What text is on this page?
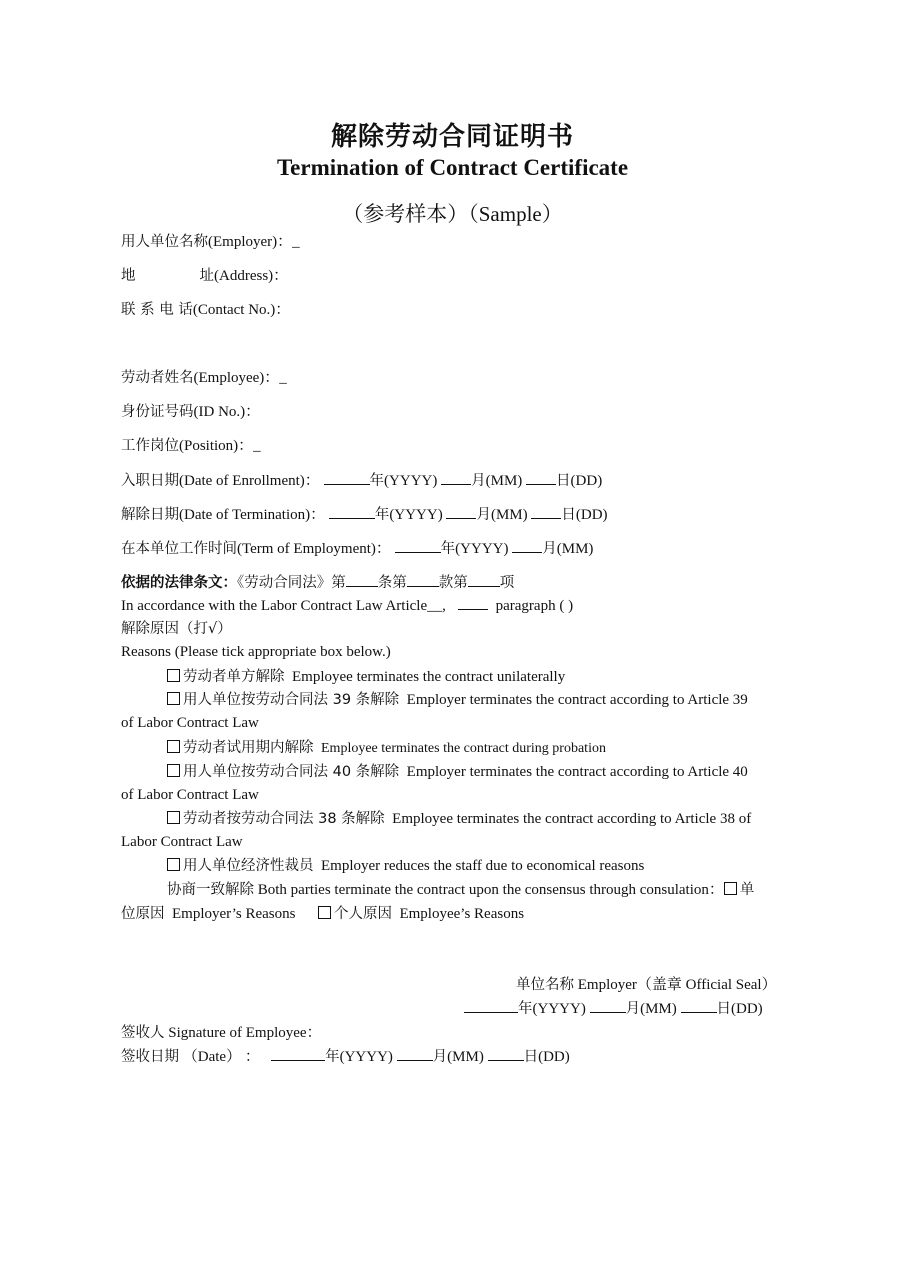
解除劳动合同证明书
Termination of Contract Certificate
（参考样本）（Sample）
用人单位名称(Employer)：_
地	址(Address)：
联 系 电 话(Contact No.)：
劳动者姓名(Employee)：_
身份证号码(ID No.)：
工作岗位(Position)：_
入职日期(Date of Enrollment)：	年(YYYY) 月(MM) 日(DD)
解除日期(Date of Termination)：	年(YYYY) 月(MM) 日(DD)
在本单位工作时间(Term of Employment)：	年(YYYY) 月(MM)
依据的法律条文：《劳动合同法》第 条第 款第 项
In accordance with the Labor Contract Law Article__,	paragraph ( )
解除原因（打√）
Reasons (Please tick appropriate box below.)
劳动者单方解除 Employee terminates the contract unilaterally
用人单位按劳动合同法 39 条解除 Employer terminates the contract according to Article 39
of Labor Contract Law
劳动者试用期内解除 Employee terminates the contract during probation
用人单位按劳动合同法 40 条解除 Employer terminates the contract according to Article 40
of Labor Contract Law
劳动者按劳动合同法 38 条解除 Employee terminates the contract according to Article 38 of
Labor Contract Law
用人单位经济性裁员 Employer reduces the staff due to economical reasons
协商一致解除 Both parties terminate the contract upon the consensus through consulation： 单
位原因 Employer’s Reasons	个人原因 Employee’s Reasons
单位名称 Employer（盖章 Official Seal）
年(YYYY)	月(MM)	日(DD)
签收人 Signature of Employee：
签收日期 （Date） ：	年(YYYY)	月(MM)	日(DD)
